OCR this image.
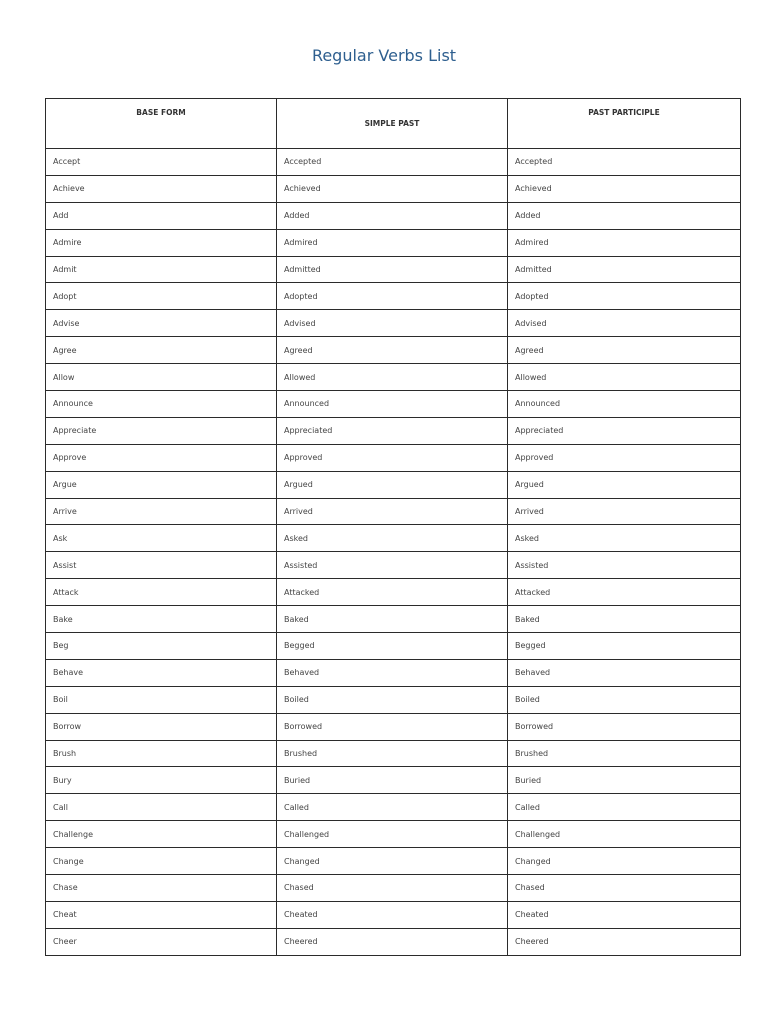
Regular Verbs List
BASE FORM	SIMPLE PAST	PAST PARTICIPLE
Accept	Accepted	Accepted
Achieve	Achieved	Achieved
Add	Added	Added
Admire	Admired	Admired
Admit	Admitted	Admitted
Adopt	Adopted	Adopted
Advise	Advised	Advised
Agree	Agreed	Agreed
Allow	Allowed	Allowed
Announce	Announced	Announced
Appreciate	Appreciated	Appreciated
Approve	Approved	Approved
Argue	Argued	Argued
Arrive	Arrived	Arrived
Ask	Asked	Asked
Assist	Assisted	Assisted
Attack	Attacked	Attacked
Bake	Baked	Baked
Beg	Begged	Begged
Behave	Behaved	Behaved
Boil	Boiled	Boiled
Borrow	Borrowed	Borrowed
Brush	Brushed	Brushed
Bury	Buried	Buried
Call	Called	Called
Challenge	Challenged	Challenged
Change	Changed	Changed
Chase	Chased	Chased
Cheat	Cheated	Cheated
Cheer	Cheered	Cheered
